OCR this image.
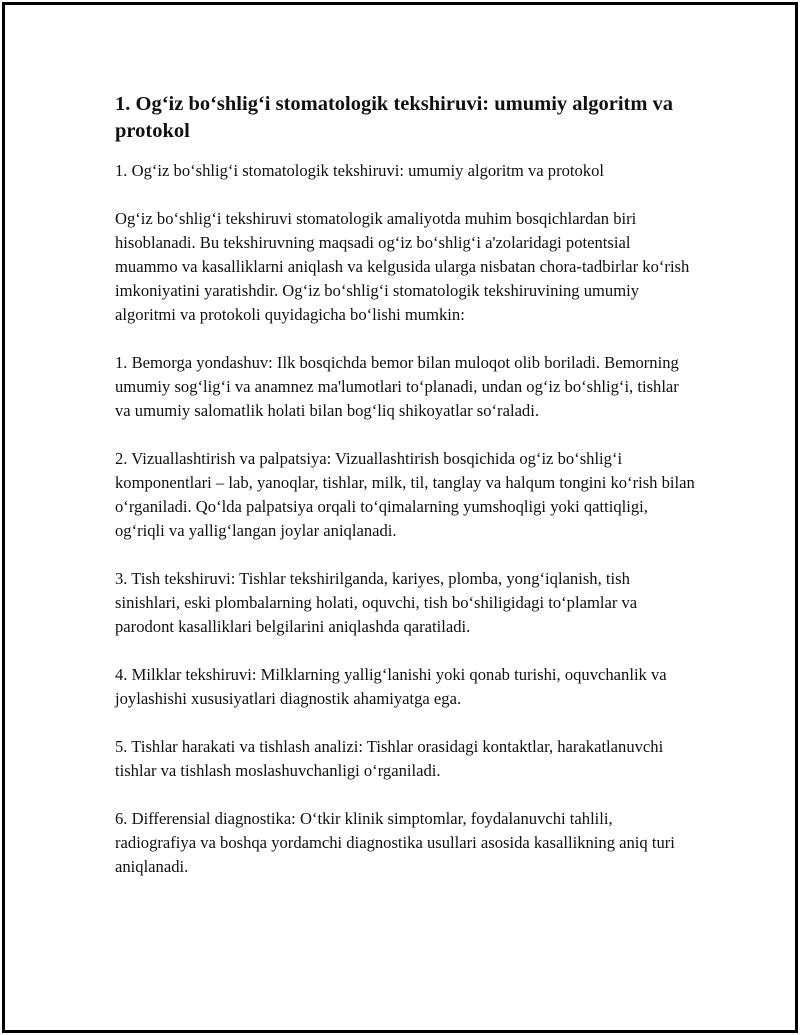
1. Og‘iz bo‘shlig‘i stomatologik tekshiruvi: umumiy algoritm va protokol

1. Og‘iz bo‘shlig‘i stomatologik tekshiruvi: umumiy algoritm va protokol

Og‘iz bo‘shlig‘i tekshiruvi stomatologik amaliyotda muhim bosqichlardan biri hisoblanadi. Bu tekshiruvning maqsadi og‘iz bo‘shlig‘i a'zolaridagi potentsial muammo va kasalliklarni aniqlash va kelgusida ularga nisbatan chora-tadbirlar ko‘rish imkoniyatini yaratishdir. Og‘iz bo‘shlig‘i stomatologik tekshiruvining umumiy algoritmi va protokoli quyidagicha bo‘lishi mumkin:

1. Bemorga yondashuv: Ilk bosqichda bemor bilan muloqot olib boriladi. Bemorning umumiy sog‘lig‘i va anamnez ma'lumotlari to‘planadi, undan og‘iz bo‘shlig‘i, tishlar va umumiy salomatlik holati bilan bog‘liq shikoyatlar so‘raladi.

2. Vizuallashtirish va palpatsiya: Vizuallashtirish bosqichida og‘iz bo‘shlig‘i komponentlari – lab, yanoqlar, tishlar, milk, til, tanglay va halqum tongini ko‘rish bilan o‘rganiladi. Qo‘lda palpatsiya orqali to‘qimalarning yumshoqligi yoki qattiqligi, og‘riqli va yallig‘langan joylar aniqlanadi.

3. Tish tekshiruvi: Tishlar tekshirilganda, kariyes, plomba, yong‘iqlanish, tish sinishlari, eski plombalarning holati, oquvchi, tish bo‘shiligidagi to‘plamlar va parodont kasalliklari belgilarini aniqlashda qaratiladi.

4. Milklar tekshiruvi: Milklarning yallig‘lanishi yoki qonab turishi, oquvchanlik va joylashishi xususiyatlari diagnostik ahamiyatga ega.

5. Tishlar harakati va tishlash analizi: Tishlar orasidagi kontaktlar, harakatlanuvchi tishlar va tishlash moslashuvchanligi o‘rganiladi.

6. Differensial diagnostika: O‘tkir klinik simptomlar, foydalanuvchi tahlili, radiografiya va boshqa yordamchi diagnostika usullari asosida kasallikning aniq turi aniqlanadi.
